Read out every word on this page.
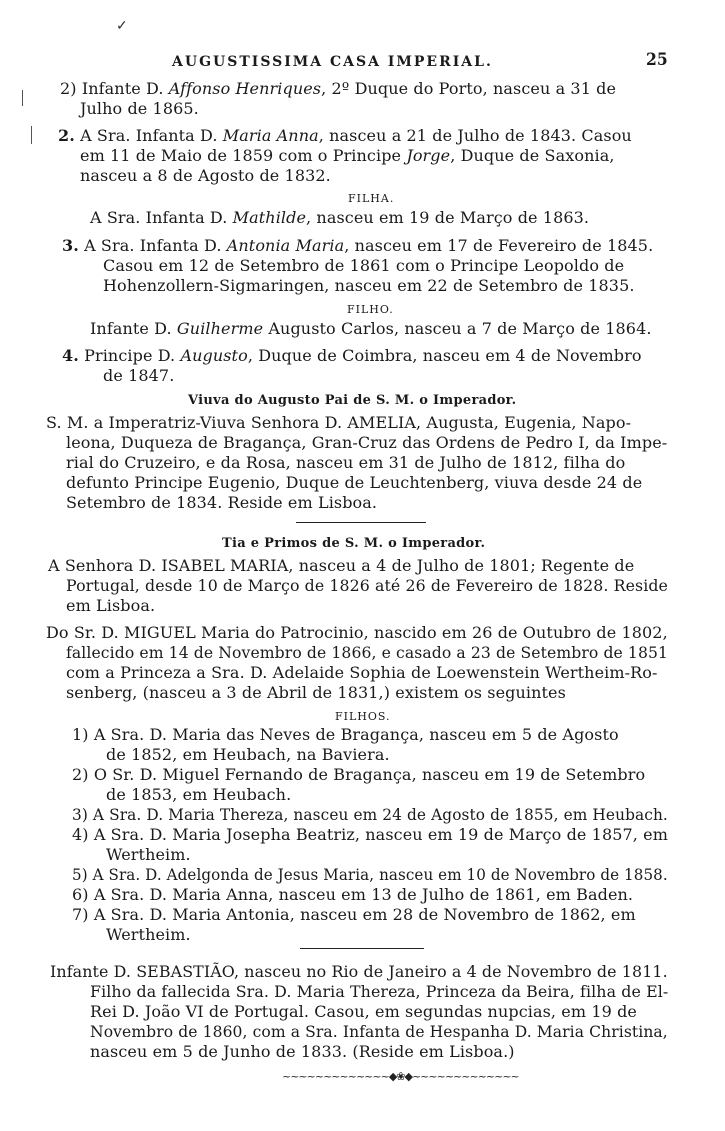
✓
AUGUSTISSIMA CASA IMPERIAL.	25
2) Infante D. Affonso Henriques, 2º Duque do Porto, nasceu a 31 de
Julho de 1865.
2. A Sra. Infanta D. Maria Anna, nasceu a 21 de Julho de 1843. Casou
em 11 de Maio de 1859 com o Principe Jorge, Duque de Saxonia,
nasceu a 8 de Agosto de 1832.
FILHA.
A Sra. Infanta D. Mathilde, nasceu em 19 de Março de 1863.
3. A Sra. Infanta D. Antonia Maria, nasceu em 17 de Fevereiro de 1845.
Casou em 12 de Setembro de 1861 com o Principe Leopoldo de
Hohenzollern-Sigmaringen, nasceu em 22 de Setembro de 1835.
FILHO.
Infante D. Guilherme Augusto Carlos, nasceu a 7 de Março de 1864.
4. Principe D. Augusto, Duque de Coimbra, nasceu em 4 de Novembro
de 1847.
Viuva do Augusto Pai de S. M. o Imperador.
S. M. a Imperatriz-Viuva Senhora D. AMELIA, Augusta, Eugenia, Napo-
leona, Duqueza de Bragança, Gran-Cruz das Ordens de Pedro I, da Impe-
rial do Cruzeiro, e da Rosa, nasceu em 31 de Julho de 1812, filha do
defunto Principe Eugenio, Duque de Leuchtenberg, viuva desde 24 de
Setembro de 1834. Reside em Lisboa.
Tia e Primos de S. M. o Imperador.
A Senhora D. ISABEL MARIA, nasceu a 4 de Julho de 1801; Regente de
Portugal, desde 10 de Março de 1826 até 26 de Fevereiro de 1828. Reside
em Lisboa.
Do Sr. D. MIGUEL Maria do Patrocinio, nascido em 26 de Outubro de 1802,
fallecido em 14 de Novembro de 1866, e casado a 23 de Setembro de 1851
com a Princeza a Sra. D. Adelaide Sophia de Loewenstein Wertheim-Ro-
senberg, (nasceu a 3 de Abril de 1831,) existem os seguintes
FILHOS.
1) A Sra. D. Maria das Neves de Bragança, nasceu em 5 de Agosto
de 1852, em Heubach, na Baviera.
2) O Sr. D. Miguel Fernando de Bragança, nasceu em 19 de Setembro
de 1853, em Heubach.
3) A Sra. D. Maria Thereza, nasceu em 24 de Agosto de 1855, em Heubach.
4) A Sra. D. Maria Josepha Beatriz, nasceu em 19 de Março de 1857, em
Wertheim.
5) A Sra. D. Adelgonda de Jesus Maria, nasceu em 10 de Novembro de 1858.
6) A Sra. D. Maria Anna, nasceu em 13 de Julho de 1861, em Baden.
7) A Sra. D. Maria Antonia, nasceu em 28 de Novembro de 1862, em
Wertheim.
Infante D. SEBASTIÃO, nasceu no Rio de Janeiro a 4 de Novembro de 1811.
Filho da fallecida Sra. D. Maria Thereza, Princeza da Beira, filha de El-
Rei D. João VI de Portugal. Casou, em segundas nupcias, em 19 de
Novembro de 1860, com a Sra. Infanta de Hespanha D. Maria Christina,
nasceu em 5 de Junho de 1833. (Reside em Lisboa.)
~~~~~~~~~~~~~◆❀◆~~~~~~~~~~~~~
